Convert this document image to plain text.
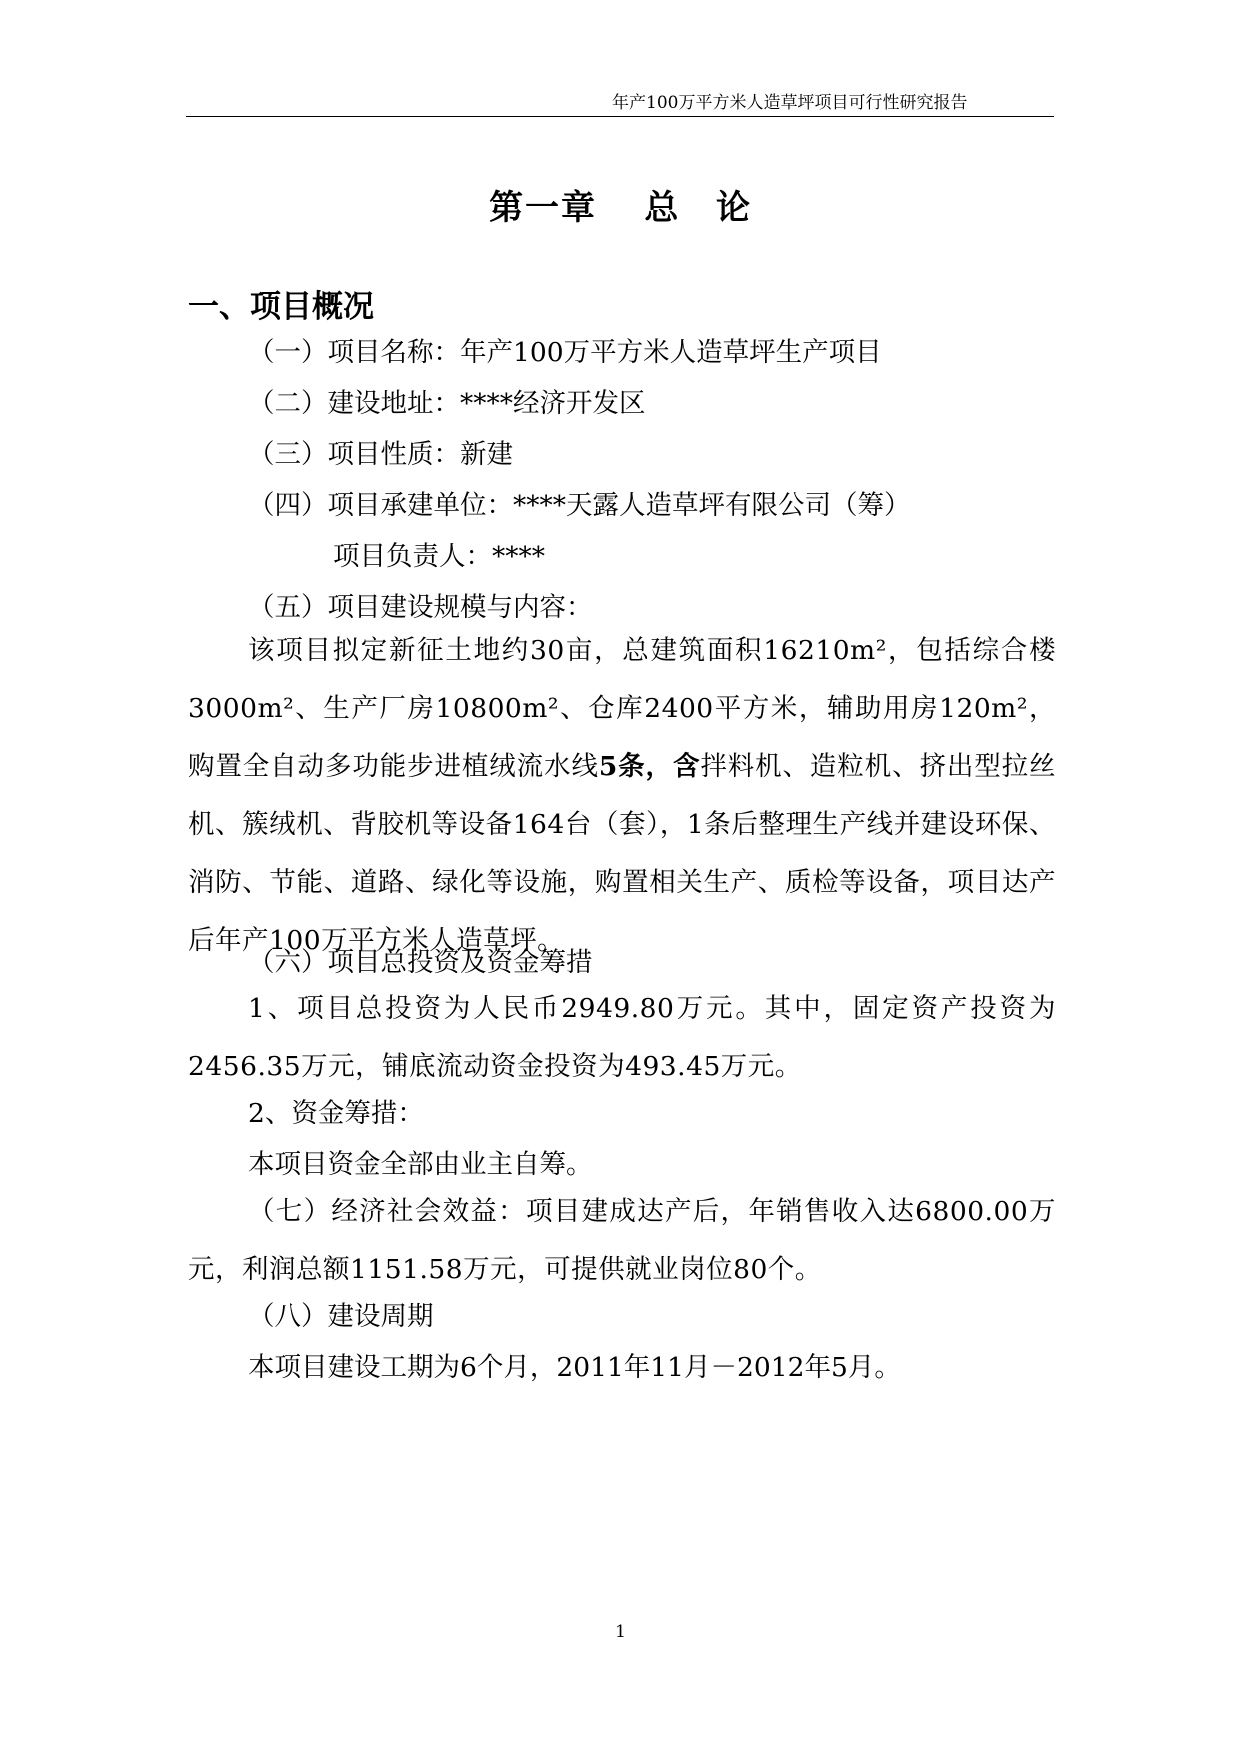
年产100万平方米人造草坪项目可行性研究报告
第一章 总 论
一、项目概况
（一）项目名称：年产100万平方米人造草坪生产项目
（二）建设地址：****经济开发区
（三）项目性质：新建
（四）项目承建单位：****天露人造草坪有限公司（筹）
项目负责人：****
（五）项目建设规模与内容：
该项目拟定新征土地约30亩，总建筑面积16210m²，包括综合楼3000m²、生产厂房10800m²、仓库2400平方米，辅助用房120m²，购置全自动多功能步进植绒流水线5条，含拌料机、造粒机、挤出型拉丝机、簇绒机、背胶机等设备164台（套），1条后整理生产线并建设环保、消防、节能、道路、绿化等设施，购置相关生产、质检等设备，项目达产后年产100万平方米人造草坪。
（六）项目总投资及资金筹措
1、项目总投资为人民币2949.80万元。其中，固定资产投资为2456.35万元，铺底流动资金投资为493.45万元。
2、资金筹措：
本项目资金全部由业主自筹。
（七）经济社会效益：项目建成达产后，年销售收入达6800.00万元，利润总额1151.58万元，可提供就业岗位80个。
（八）建设周期
本项目建设工期为6个月，2011年11月－2012年5月。
1
